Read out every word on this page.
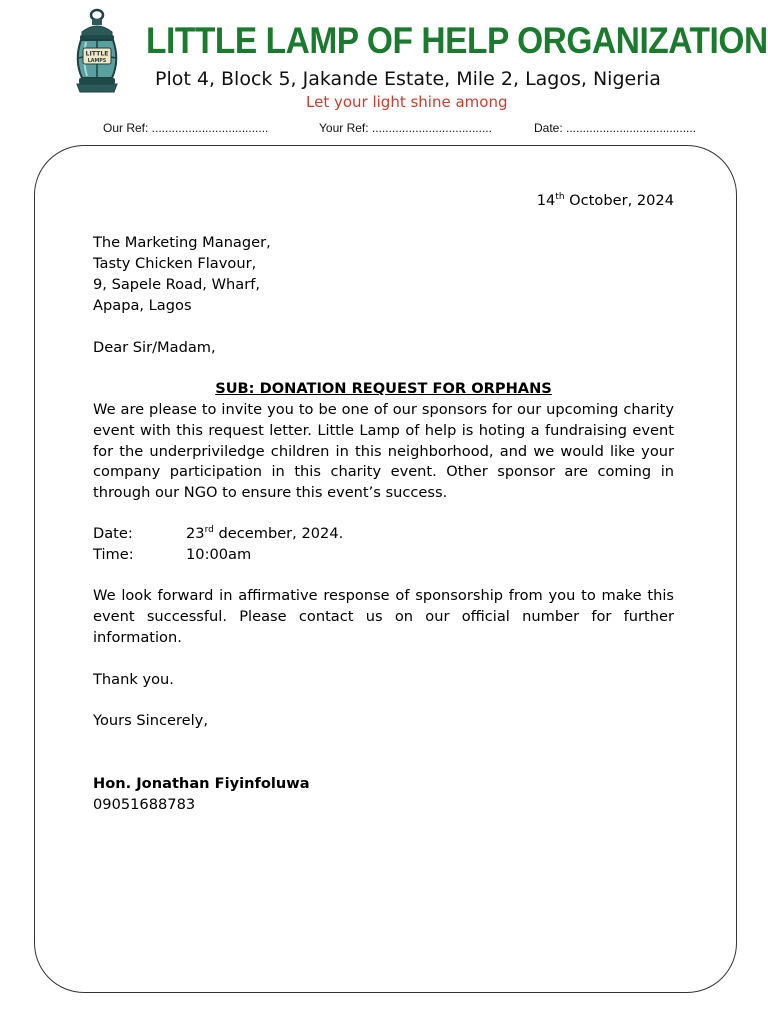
LITTLE
LAMPS
LITTLE LAMP OF HELP ORGANIZATION
Plot 4, Block 5, Jakande Estate, Mile 2, Lagos, Nigeria
Let your light shine among
Our Ref: ...................................	Your Ref: ....................................	Date: .......................................
14th October, 2024
The Marketing Manager,
Tasty Chicken Flavour,
9, Sapele Road, Wharf,
Apapa, Lagos
Dear Sir/Madam,
SUB: DONATION REQUEST FOR ORPHANS
We are please to invite you to be one of our sponsors for our upcoming charity event with this request letter. Little Lamp of help is hoting a fundraising event for the underpriviledge children in this neighborhood, and we would like your company participation in this charity event. Other sponsor are coming in through our NGO to ensure this event’s success.
Date:	23rd december, 2024.
Time:	10:00am
We look forward in affirmative response of sponsorship from you to make this event successful. Please contact us on our official number for further information.
Thank you.
Yours Sincerely,
Hon. Jonathan Fiyinfoluwa
09051688783
